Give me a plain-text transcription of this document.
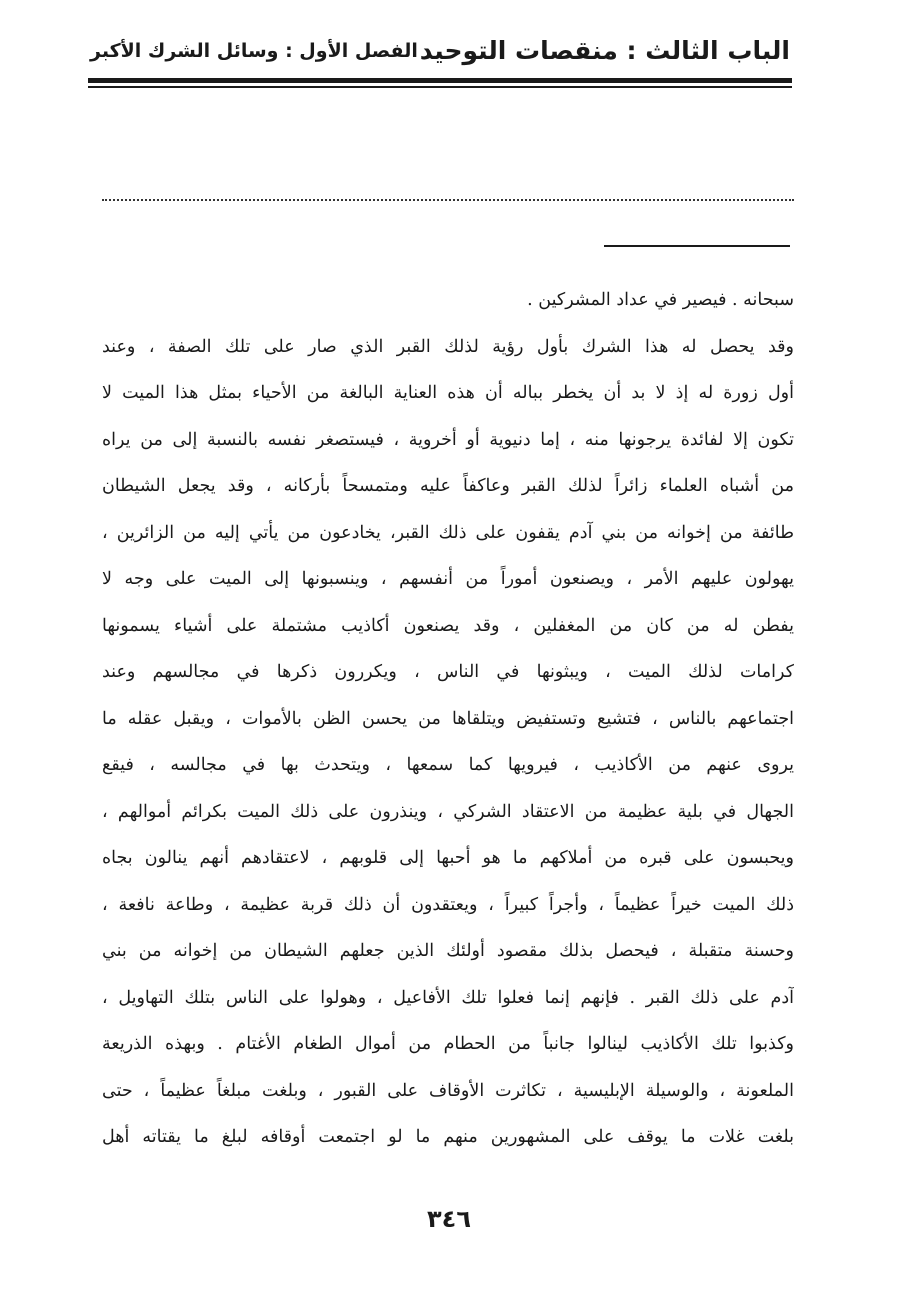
الباب الثالث : منقصات التوحيد
الفصل الأول : وسائل الشرك الأكبر
سبحانه . فيصير في عداد المشركين .
وقد يحصل له هذا الشرك بأول رؤية لذلك القبر الذي صار على تلك الصفة ، وعند
أول زورة له إذ لا بد أن يخطر بباله أن هذه العناية البالغة من الأحياء بمثل هذا الميت لا
تكون إلا لفائدة يرجونها منه ، إما دنيوية أو أخروية ، فيستصغر نفسه بالنسبة إلى من يراه
من أشباه العلماء زائراً لذلك القبر وعاكفاً عليه ومتمسحاً بأركانه ، وقد يجعل الشيطان
طائفة من إخوانه من بني آدم يقفون على ذلك القبر، يخادعون من يأتي إليه من الزائرين ،
يهولون عليهم الأمر ، ويصنعون أموراً من أنفسهم ، وينسبونها إلى الميت على وجه لا
يفطن له من كان من المغفلين ، وقد يصنعون أكاذيب مشتملة على أشياء يسمونها
كرامات لذلك الميت ، ويبثونها في الناس ، ويكررون ذكرها في مجالسهم وعند
اجتماعهم بالناس ، فتشيع وتستفيض ويتلقاها من يحسن الظن بالأموات ، ويقبل عقله ما
يروى عنهم من الأكاذيب ، فيرويها كما سمعها ، ويتحدث بها في مجالسه ، فيقع
الجهال في بلية عظيمة من الاعتقاد الشركي ، وينذرون على ذلك الميت بكرائم أموالهم ،
ويحبسون على قبره من أملاكهم ما هو أحبها إلى قلوبهم ، لاعتقادهم أنهم ينالون بجاه
ذلك الميت خيراً عظيماً ، وأجراً كبيراً ، ويعتقدون أن ذلك قربة عظيمة ، وطاعة نافعة ،
وحسنة متقبلة ، فيحصل بذلك مقصود أولئك الذين جعلهم الشيطان من إخوانه من بني
آدم على ذلك القبر . فإنهم إنما فعلوا تلك الأفاعيل ، وهولوا على الناس بتلك التهاويل ،
وكذبوا تلك الأكاذيب لينالوا جانباً من الحطام من أموال الطغام الأغتام . وبهذه الذريعة
الملعونة ، والوسيلة الإبليسية ، تكاثرت الأوقاف على القبور ، وبلغت مبلغاً عظيماً ، حتى
بلغت غلات ما يوقف على المشهورين منهم ما لو اجتمعت أوقافه لبلغ ما يقتاته أهل
٣٤٦
